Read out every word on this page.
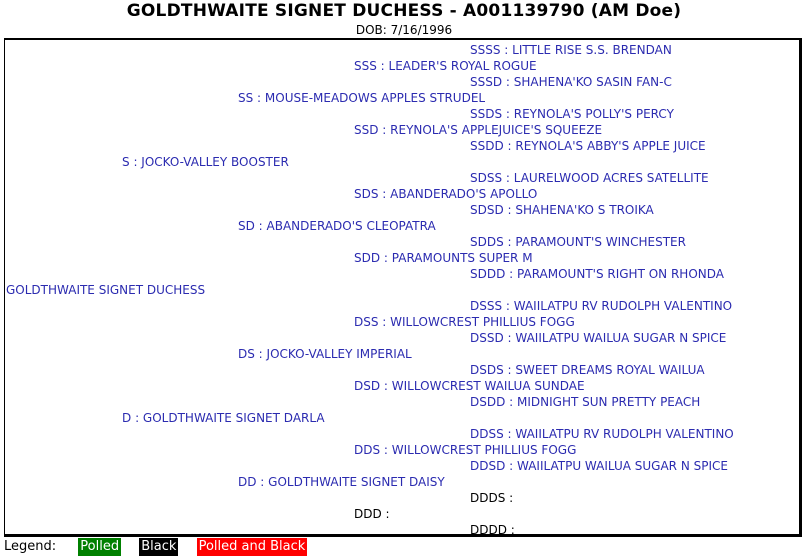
GOLDTHWAITE SIGNET DUCHESS - A001139790 (AM Doe)
DOB: 7/16/1996
SSSS : LITTLE RISE S.S. BRENDAN
SSS : LEADER'S ROYAL ROGUE
SSSD : SHAHENA'KO SASIN FAN-C
SS : MOUSE-MEADOWS APPLES STRUDEL
SSDS : REYNOLA'S POLLY'S PERCY
SSD : REYNOLA'S APPLEJUICE'S SQUEEZE
SSDD : REYNOLA'S ABBY'S APPLE JUICE
S : JOCKO-VALLEY BOOSTER
SDSS : LAURELWOOD ACRES SATELLITE
SDS : ABANDERADO'S APOLLO
SDSD : SHAHENA'KO S TROIKA
SD : ABANDERADO'S CLEOPATRA
SDDS : PARAMOUNT'S WINCHESTER
SDD : PARAMOUNTS SUPER M
SDDD : PARAMOUNT'S RIGHT ON RHONDA
GOLDTHWAITE SIGNET DUCHESS
DSSS : WAIILATPU RV RUDOLPH VALENTINO
DSS : WILLOWCREST PHILLIUS FOGG
DSSD : WAIILATPU WAILUA SUGAR N SPICE
DS : JOCKO-VALLEY IMPERIAL
DSDS : SWEET DREAMS ROYAL WAILUA
DSD : WILLOWCREST WAILUA SUNDAE
DSDD : MIDNIGHT SUN PRETTY PEACH
D : GOLDTHWAITE SIGNET DARLA
DDSS : WAIILATPU RV RUDOLPH VALENTINO
DDS : WILLOWCREST PHILLIUS FOGG
DDSD : WAIILATPU WAILUA SUGAR N SPICE
DD : GOLDTHWAITE SIGNET DAISY
DDDS :
DDD :
DDDD :
Legend: Polled Black Polled and Black
